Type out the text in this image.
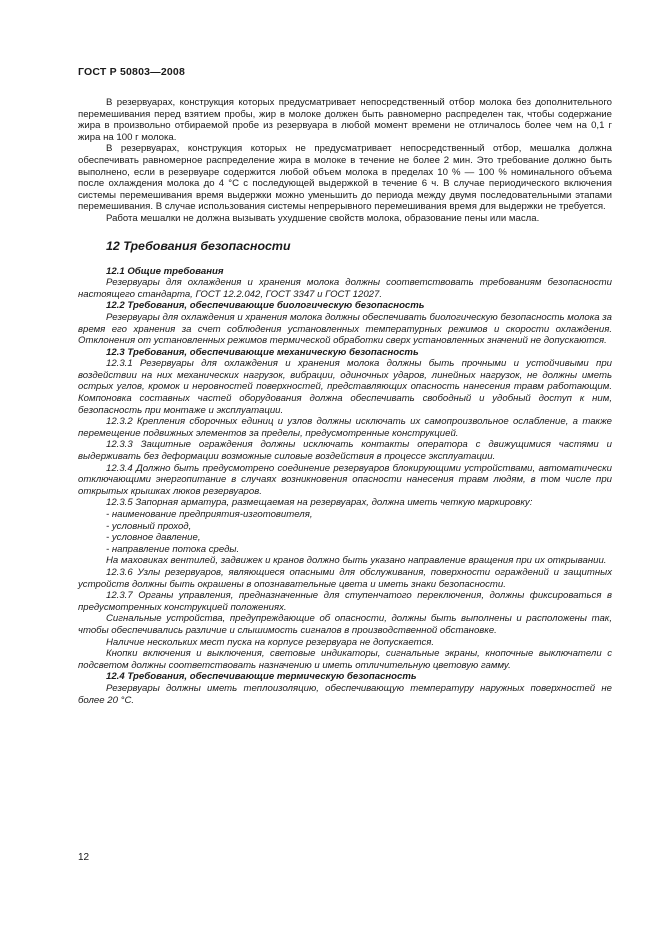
ГОСТ Р 50803—2008

В резервуарах, конструкция которых предусматривает непосредственный отбор молока без дополнительного перемешивания перед взятием пробы, жир в молоке должен быть равномерно распределен так, чтобы содержание жира в произвольно отбираемой пробе из резервуара в любой момент времени не отличалось более чем на 0,1 г жира на 100 г молока.

В резервуарах, конструкция которых не предусматривает непосредственный отбор, мешалка должна обеспечивать равномерное распределение жира в молоке в течение не более 2 мин. Это требование должно быть выполнено, если в резервуаре содержится любой объем молока в пределах 10 % — 100 % номинального объема после охлаждения молока до 4 °С с последующей выдержкой в течение 6 ч. В случае периодического включения системы перемешивания время выдержки можно уменьшить до периода между двумя последовательными этапами перемешивания. В случае использования системы непрерывного перемешивания время для выдержки не требуется.

Работа мешалки не должна вызывать ухудшение свойств молока, образование пены или масла.

12 Требования безопасности

12.1 Общие требования

Резервуары для охлаждения и хранения молока должны соответствовать требованиям безопасности настоящего стандарта, ГОСТ 12.2.042, ГОСТ 3347 и ГОСТ 12027.

12.2 Требования, обеспечивающие биологическую безопасность

Резервуары для охлаждения и хранения молока должны обеспечивать биологическую безопасность молока за время его хранения за счет соблюдения установленных температурных режимов и скорости охлаждения. Отклонения от установленных режимов термической обработки сверх установленных значений не допускаются.

12.3 Требования, обеспечивающие механическую безопасность

12.3.1 Резервуары для охлаждения и хранения молока должны быть прочными и устойчивыми при воздействии на них механических нагрузок, вибрации, одиночных ударов, линейных нагрузок, не должны иметь острых углов, кромок и неровностей поверхностей, представляющих опасность нанесения травм работающим. Компоновка составных частей оборудования должна обеспечивать свободный и удобный доступ к ним, безопасность при монтаже и эксплуатации.

12.3.2 Крепления сборочных единиц и узлов должны исключать их самопроизвольное ослабление, а также перемещение подвижных элементов за пределы, предусмотренные конструкцией.

12.3.3 Защитные ограждения должны исключать контакты оператора с движущимися частями и выдерживать без деформации возможные силовые воздействия в процессе эксплуатации.

12.3.4 Должно быть предусмотрено соединение резервуаров блокирующими устройствами, автоматически отключающими энергопитание в случаях возникновения опасности нанесения травм людям, в том числе при открытых крышках люков резервуаров.

12.3.5 Запорная арматура, размещаемая на резервуарах, должна иметь четкую маркировку:

- наименование предприятия-изготовителя,

- условный проход,

- условное давление,

- направление потока среды.

На маховиках вентилей, задвижек и кранов должно быть указано направление вращения при их открывании.

12.3.6 Узлы резервуаров, являющиеся опасными для обслуживания, поверхности ограждений и защитных устройств должны быть окрашены в опознавательные цвета и иметь знаки безопасности.

12.3.7 Органы управления, предназначенные для ступенчатого переключения, должны фиксироваться в предусмотренных конструкцией положениях.

Сигнальные устройства, предупреждающие об опасности, должны быть выполнены и расположены так, чтобы обеспечивались различие и слышимость сигналов в производственной обстановке.

Наличие нескольких мест пуска на корпусе резервуара не допускается.

Кнопки включения и выключения, световые индикаторы, сигнальные экраны, кнопочные выключатели с подсветом должны соответствовать назначению и иметь отличительную цветовую гамму.

12.4 Требования, обеспечивающие термическую безопасность

Резервуары должны иметь теплоизоляцию, обеспечивающую температуру наружных поверхностей не более 20 °С.

12
